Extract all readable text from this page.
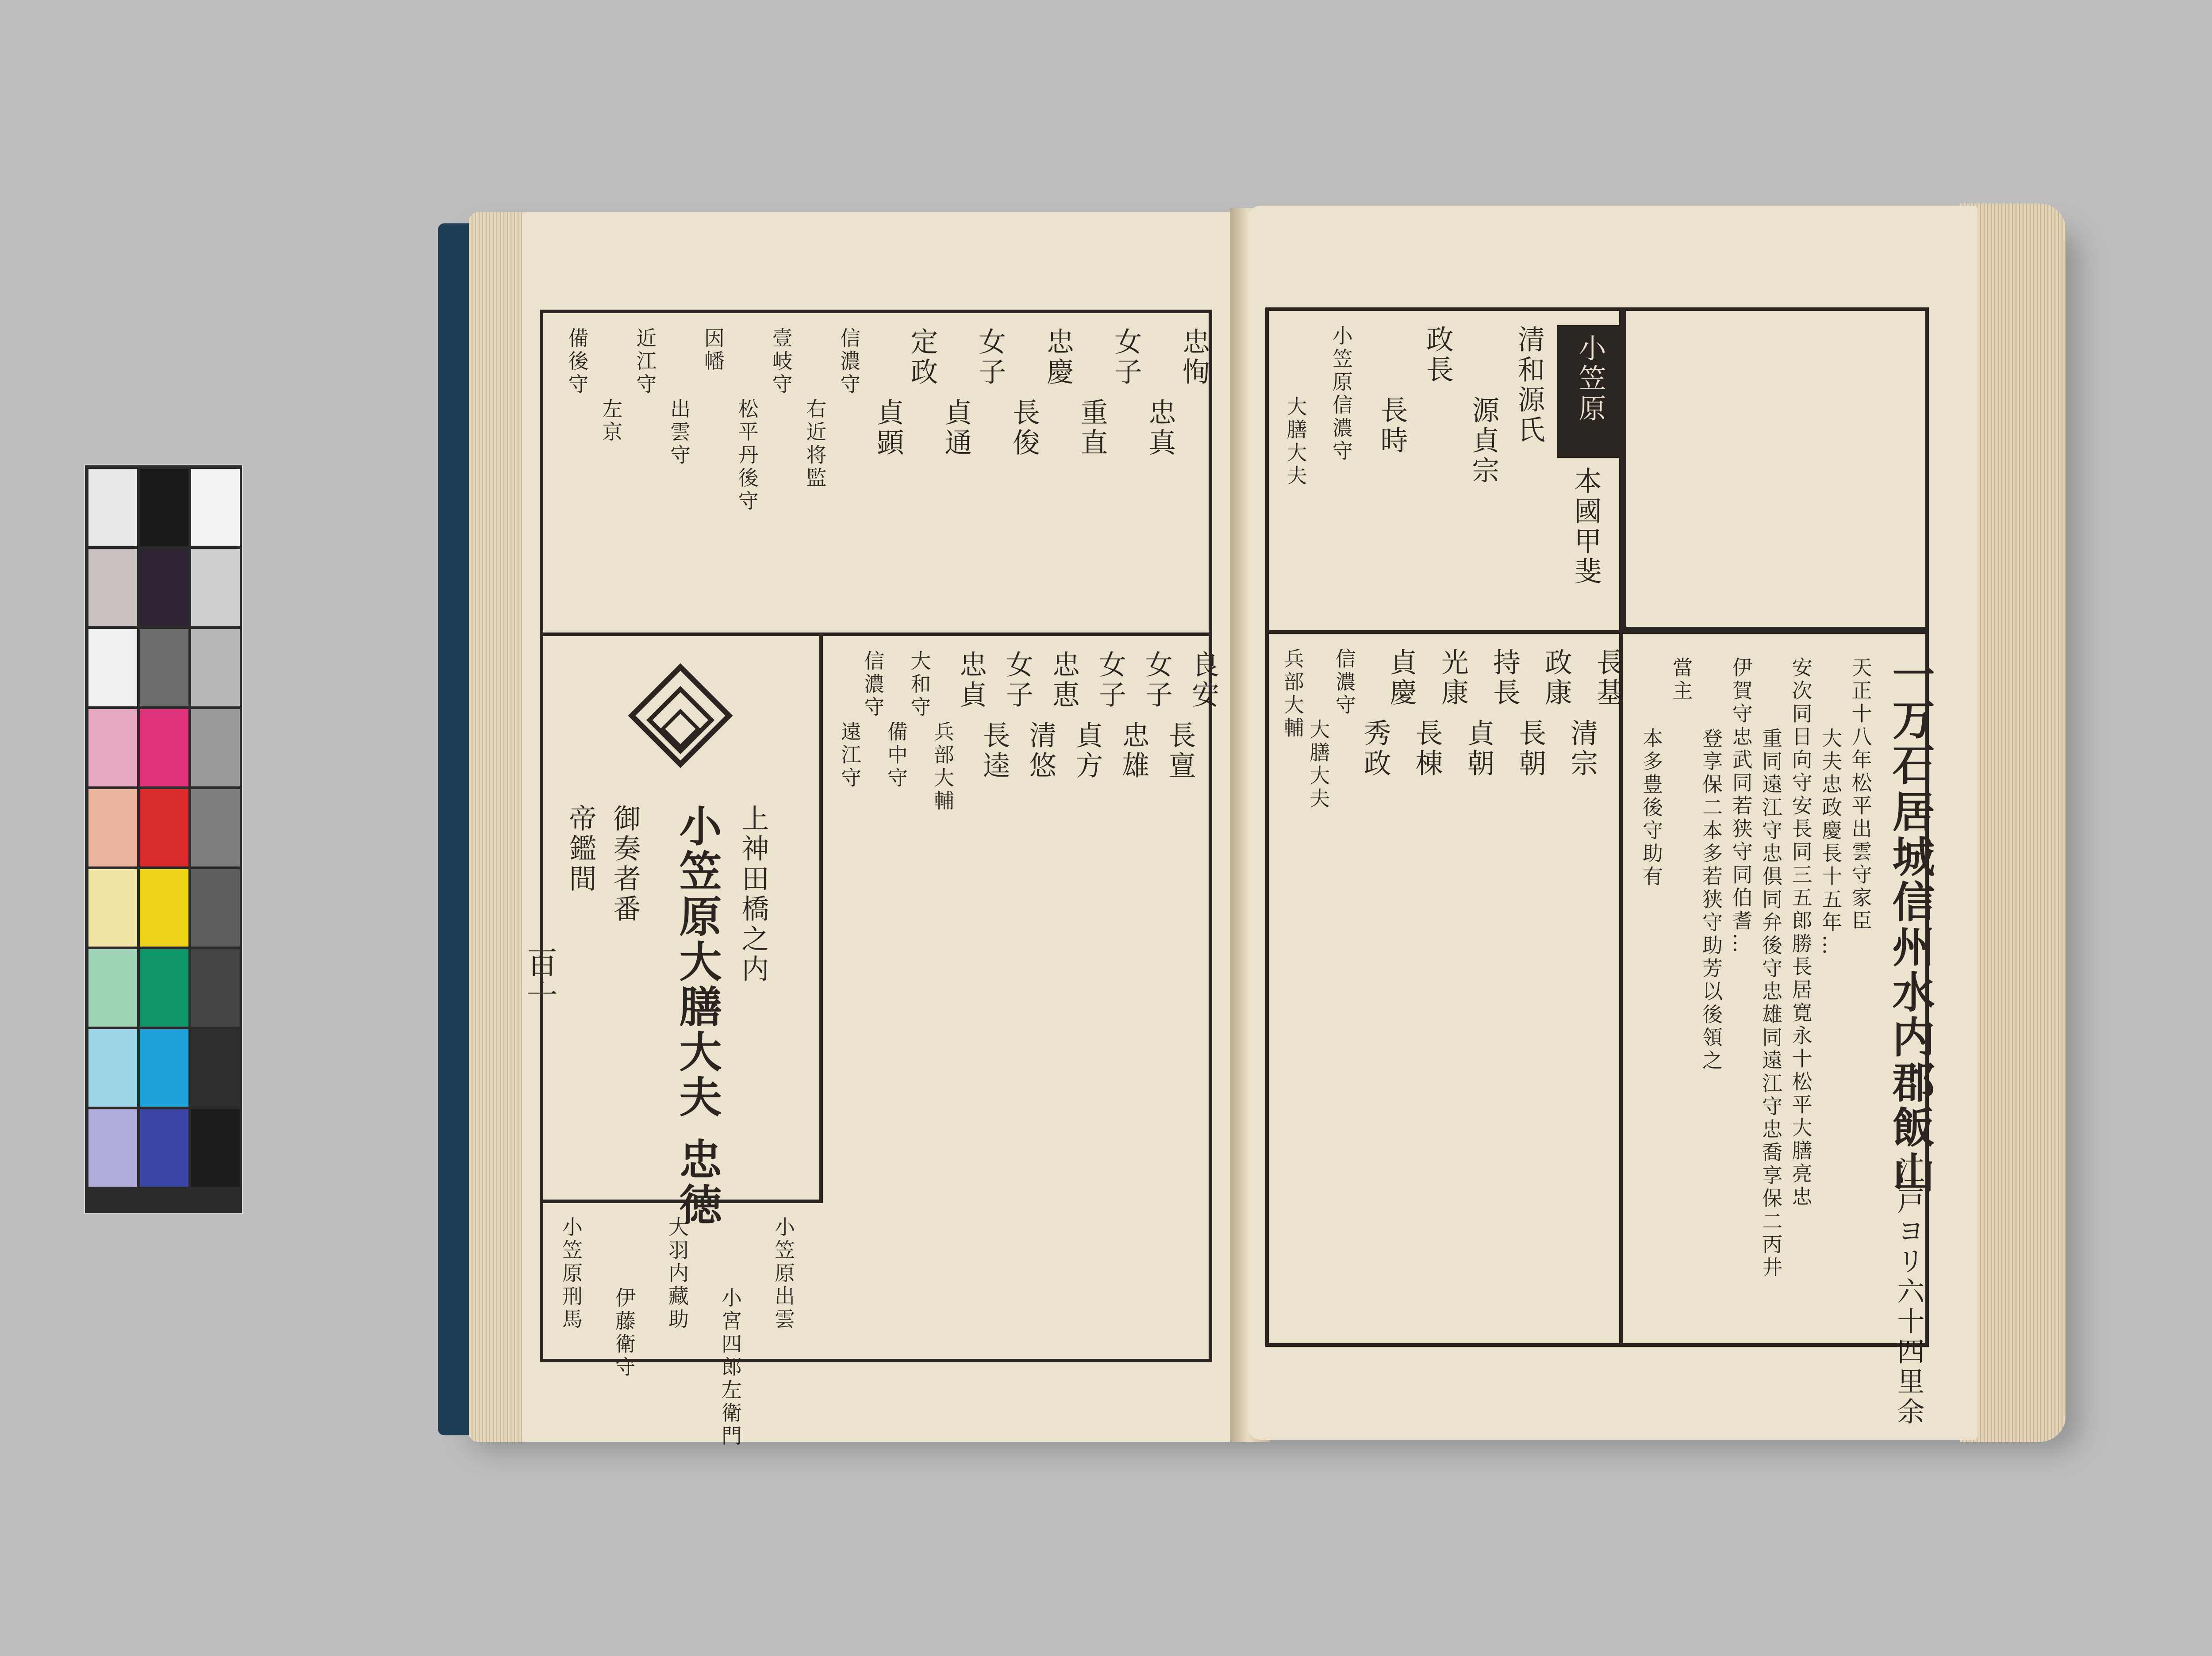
忠恂
忠真
女子
重直
忠慶
長俊
女子
貞通
定政
貞顕
信濃守
右近将監
壹岐守
松平丹後守
因幡
出雲守
近江守
左京
備後守
小笠原大膳大夫 忠徳 上神田橋之内
御奏者番
帝鑑間
小笠原出雲
小宮四郎左衛門
大羽内藏助
伊藤衛守
小笠原刑馬
良安
長亶
女子
忠雄
女子
貞方
忠恵
清悠
女子
長逵
忠貞
兵部大輔
大和守
備中守
信濃守
遠江守
百十
小笠原
本國甲斐
清和源氏
源貞宗
政長
長時
小笠原信濃守
大膳大夫
長基
清宗
政康
長朝
持長
貞朝
光康
長棟
貞慶
秀政
信濃守
大膳大夫
兵部大輔	一万石
居城信州水内郡飯山
江戸ヨリ六十四里余
天正十八年松平出雲守家臣
大夫忠政慶長十五年…
安次同日向守安長同三五郎勝長居寛永十松平大膳亮忠
重同遠江守忠倶同弁後守忠雄同遠江守忠喬享保二丙井
伊賀守忠武同若狭守同伯耆…
登享保二本多若狭守助芳以後領之
當主
本多豊後守助有
